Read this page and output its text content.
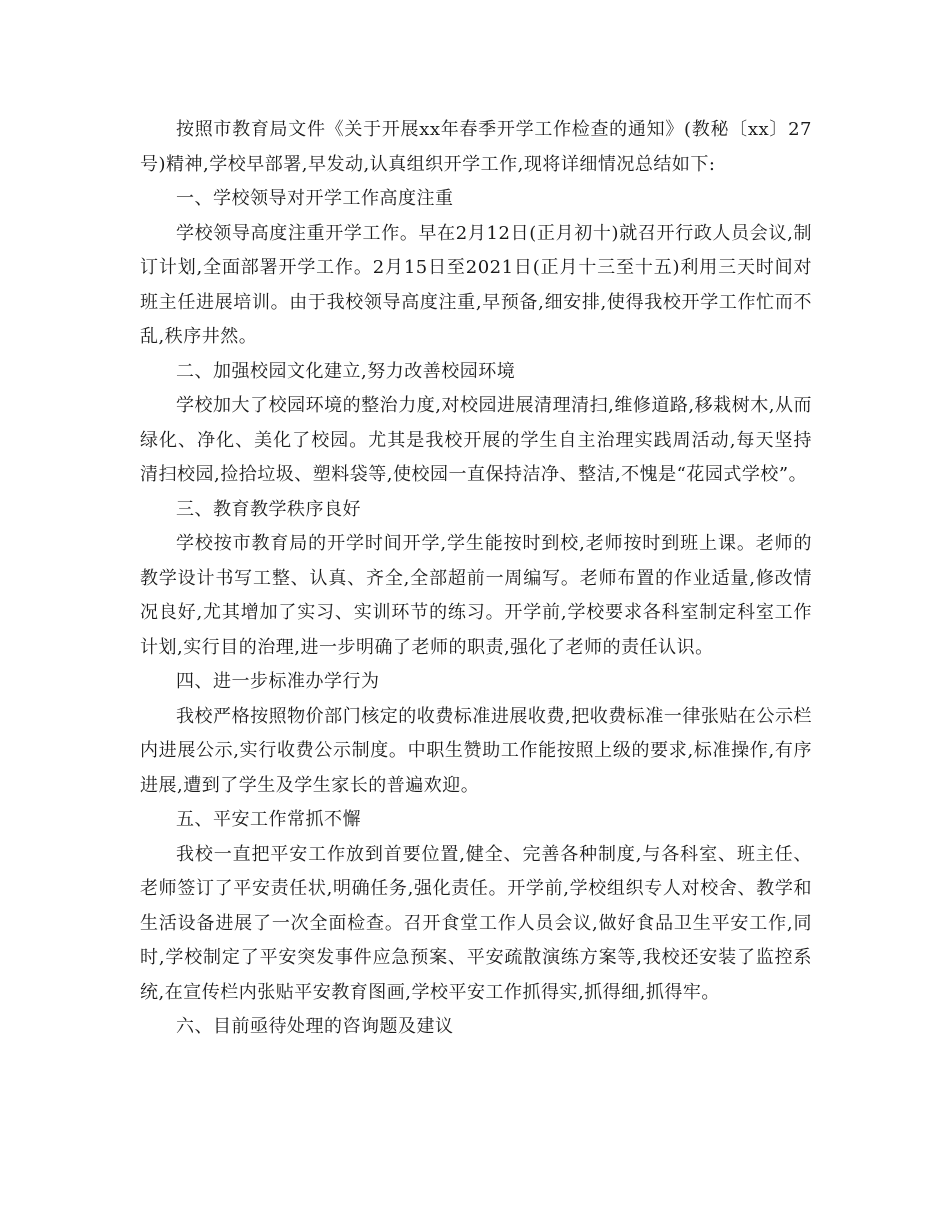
按照市教育局文件《关于开展xx年春季开学工作检查的通知》(教秘〔xx〕27号)精神,学校早部署,早发动,认真组织开学工作,现将详细情况总结如下:

一、学校领导对开学工作高度注重

学校领导高度注重开学工作。早在2月12日(正月初十)就召开行政人员会议,制订计划,全面部署开学工作。2月15日至2021日(正月十三至十五)利用三天时间对班主任进展培训。由于我校领导高度注重,早预备,细安排,使得我校开学工作忙而不乱,秩序井然。

二、加强校园文化建立,努力改善校园环境

学校加大了校园环境的整治力度,对校园进展清理清扫,维修道路,移栽树木,从而绿化、净化、美化了校园。尤其是我校开展的学生自主治理实践周活动,每天坚持清扫校园,捡拾垃圾、塑料袋等,使校园一直保持洁净、整洁,不愧是“花园式学校”。

三、教育教学秩序良好

学校按市教育局的开学时间开学,学生能按时到校,老师按时到班上课。老师的教学设计书写工整、认真、齐全,全部超前一周编写。老师布置的作业适量,修改情况良好,尤其增加了实习、实训环节的练习。开学前,学校要求各科室制定科室工作计划,实行目的治理,进一步明确了老师的职责,强化了老师的责任认识。

四、进一步标准办学行为

我校严格按照物价部门核定的收费标准进展收费,把收费标准一律张贴在公示栏内进展公示,实行收费公示制度。中职生赞助工作能按照上级的要求,标准操作,有序进展,遭到了学生及学生家长的普遍欢迎。

五、平安工作常抓不懈

我校一直把平安工作放到首要位置,健全、完善各种制度,与各科室、班主任、老师签订了平安责任状,明确任务,强化责任。开学前,学校组织专人对校舍、教学和生活设备进展了一次全面检查。召开食堂工作人员会议,做好食品卫生平安工作,同时,学校制定了平安突发事件应急预案、平安疏散演练方案等,我校还安装了监控系统,在宣传栏内张贴平安教育图画,学校平安工作抓得实,抓得细,抓得牢。

六、目前亟待处理的咨询题及建议
